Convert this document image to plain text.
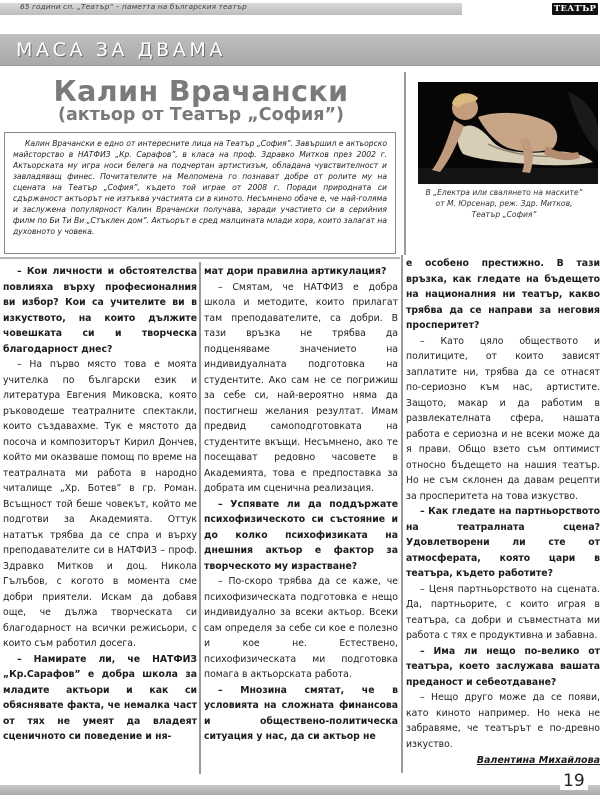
65 години сп. „Театър“ – паметта на българския театър	ТЕАТЪР
МАСА ЗА ДВАМА
Калин Врачански
(актьор от Театър „София”)

Калин Врачански е едно от интересните лица на Театър „София”. Завършил е актьорско майсторство в НАТФИЗ „Кр. Сарафов”, в класа на проф. Здравко Митков през 2002 г. Актьорската му игра носи белега на подчертан артистизъм, обладана чувствителност и завладяващ финес. Почитателите на Мелпомена го познават добре от ролите му на сцената на Театър „София”, където той играе от 2008 г. Поради природната си сдържаност актьорът не изтъква участията си в киното. Несъмнено обаче е, че най-голяма и заслужена популярност Калин Врачански получава, заради участието си в серийния филм по Би Ти Ви „Стъклен дом”. Актьорът е сред малцината млади хора, които залагат на духовното у човека.

В „Електра или свалянето на маските”
от М. Юрсенар, реж. Здр. Митков,
Театър „София”

– Кои личности и обстоятелства повлияха върху професионалния ви избор? Кои са учителите ви в изкуството, на които дължите човешката си и творческа благодарност днес?

– На първо място това е моята учителка по български език и литература Евгения Миковска, която ръководеше театралните спектакли, които създавахме. Тук е мястото да посоча и композиторът Кирил Дончев, който ми оказваше помощ по време на театралната ми работа в народно читалище „Хр. Ботев” в гр. Роман. Всъщност той беше човекът, който ме подготви за Академията. Оттук нататък трябва да се спра и върху преподавателите си в НАТФИЗ – проф. Здравко Митков и доц. Никола Гълъбов, с когото в момента сме добри приятели. Искам да добавя още, че дължа творческата си благодарност на всички режисьори, с които съм работил досега.

– Намирате ли, че НАТФИЗ „Кр.Сарафов” е добра школа за младите актьори и как си обяснявате факта, че немалка част от тях не умеят да владеят сценичното си поведение и ня-

мат дори правилна артикулация?

– Смятам, че НАТФИЗ е добра школа и методите, които прилагат там преподавателите, са добри. В тази връзка не трябва да подценяваме значението на индивидуалната подготовка на студентите. Ако сам не се погрижиш за себе си, най-вероятно няма да постигнеш желания резултат. Имам предвид самоподготовката на студентите вкъщи. Несъмнено, ако те посещават редовно часовете в Академията, това е предпоставка за добрата им сценична реализация.

– Успявате ли да поддържате психофизическото си състояние и до колко психофизиката на днешния актьор е фактор за творческото му израстване?

– По-скоро трябва да се каже, че психофизическата подготовка е нещо индивидуално за всеки актьор. Всеки сам определя за себе си кое е полезно и кое не. Естествено, психофизическата ми подготовка помага в актьорската работа.

– Мнозина смятат, че в условията на сложната финансова и обществено-политическа ситуация у нас, да си актьор не

е особено престижно. В тази връзка, как гледате на бъдещето на националния ни театър, какво трябва да се направи за неговия просперитет?

– Като цяло обществото и политиците, от които зависят заплатите ни, трябва да се отнасят по-сериозно към нас, артистите. Защото, макар и да работим в развлекателната сфера, нашата работа е сериозна и не всеки може да я прави. Общо взето съм оптимист относно бъдещето на нашия театър. Но не съм склонен да давам рецепти за просперитета на това изкуство.

– Как гледате на партньорството на театралната сцена? Удовлетворени ли сте от атмосферата, която цари в театъра, където работите?

– Ценя партньорството на сцената. Да, партньорите, с които играя в театъра, са добри и съвместната ми работа с тях е продуктивна и забавна.

– Има ли нещо по-велико от театъра, което заслужава вашата преданост и себеотдаване?

– Нещо друго може да се появи, като киното например. Но нека не забравяме, че театърът е по-древно изкуство.

Валентина Михайлова
19
